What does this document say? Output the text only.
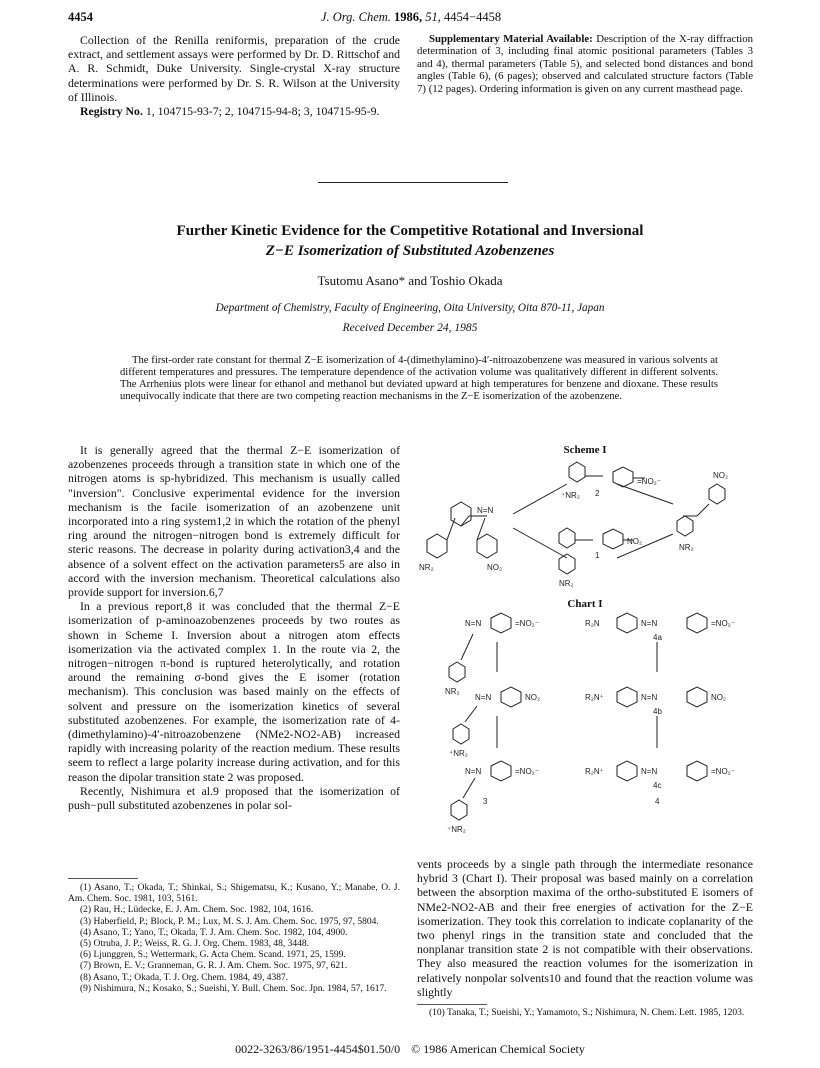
4454	J. Org. Chem. 1986, 51, 4454−4458

Collection of the Renilla reniformis, preparation of the crude extract, and settlement assays were performed by Dr. D. Rittschof and A. R. Schmidt, Duke University. Single-crystal X-ray structure determinations were performed by Dr. S. R. Wilson at the University of Illinois.

Registry No. 1, 104715-93-7; 2, 104715-94-8; 3, 104715-95-9.

Supplementary Material Available: Description of the X-ray diffraction determination of 3, including final atomic positional parameters (Tables 3 and 4), thermal parameters (Table 5), and selected bond distances and bond angles (Table 6), (6 pages); observed and calculated structure factors (Table 7) (12 pages). Ordering information is given on any current masthead page.

Further Kinetic Evidence for the Competitive Rotational and Inversional
Z−E Isomerization of Substituted Azobenzenes
Tsutomu Asano* and Toshio Okada
Department of Chemistry, Faculty of Engineering, Oita University, Oita 870-11, Japan
Received December 24, 1985

The first-order rate constant for thermal Z−E isomerization of 4-(dimethylamino)-4′-nitroazobenzene was measured in various solvents at different temperatures and pressures. The temperature dependence of the activation volume was qualitatively different in different solvents. The Arrhenius plots were linear for ethanol and methanol but deviated upward at high temperatures for benzene and dioxane. These results unequivocally indicate that there are two competing reaction mechanisms in the Z−E isomerization of the azobenzene.

It is generally agreed that the thermal Z−E isomerization of azobenzenes proceeds through a transition state in which one of the nitrogen atoms is sp-hybridized. This mechanism is usually called "inversion". Conclusive experimental evidence for the inversion mechanism is the facile isomerization of an azobenzene unit incorporated into a ring system1,2 in which the rotation of the phenyl ring around the nitrogen−nitrogen bond is extremely difficult for steric reasons. The decrease in polarity during activation3,4 and the absence of a solvent effect on the activation parameters5 are also in accord with the inversion mechanism. Theoretical calculations also provide support for inversion.6,7

In a previous report,8 it was concluded that the thermal Z−E isomerization of p-aminoazobenzenes proceeds by two routes as shown in Scheme I. Inversion about a nitrogen atom effects isomerization via the activated complex 1. In the route via 2, the nitrogen−nitrogen π-bond is ruptured heterolytically, and rotation around the remaining σ-bond gives the E isomer (rotation mechanism). This conclusion was based mainly on the effects of solvent and pressure on the isomerization kinetics of several substituted azobenzenes. For example, the isomerization rate of 4-(dimethylamino)-4′-nitroazobenzene (NMe2-NO2-AB) increased rapidly with increasing polarity of the reaction medium. These results seem to reflect a large polarity increase during activation, and for this reason the dipolar transition state 2 was proposed.

Recently, Nishimura et al.9 proposed that the isomerization of push−pull substituted azobenzenes in polar sol-

(1) Asano, T.; Okada, T.; Shinkai, S.; Shigematsu, K.; Kusano, Y.; Manabe, O. J. Am. Chem. Soc. 1981, 103, 5161.

(2) Rau, H.; Lüdecke, E. J. Am. Chem. Soc. 1982, 104, 1616.

(3) Haberfield, P.; Block, P. M.; Lux, M. S. J. Am. Chem. Soc. 1975, 97, 5804.

(4) Asano, T.; Yano, T.; Okada, T. J. Am. Chem. Soc. 1982, 104, 4900.

(5) Otruba, J. P.; Weiss, R. G. J. Org. Chem. 1983, 48, 3448.

(6) Ljunggren, S.; Wettermark, G. Acta Chem. Scand. 1971, 25, 1599.

(7) Brown, E. V.; Granneman, G. R. J. Am. Chem. Soc. 1975, 97, 621.

(8) Asano, T.; Okada, T. J. Org. Chem. 1984, 49, 4387.

(9) Nishimura, N.; Kosako, S.; Sueishi, Y. Bull. Chem. Soc. Jpn. 1984, 57, 1617.

Scheme I
N=N
NR₂	NO₂
2
=NO₂⁻
⁺NR₂
1
NO₂
NR₂
NO₂
NR₂
Chart I
N=N	=NO₂⁻
NR₂
N=N	NO₂
⁺NR₂
N=N	=NO₂⁻
⁺NR₂
3
R₂N	N=N	=NO₂⁻
4a
R₂N⁺	N=N	NO₂
4b
R₂N⁺	N=N	=NO₂⁻
4c
4

vents proceeds by a single path through the intermediate resonance hybrid 3 (Chart I). Their proposal was based mainly on a correlation between the absorption maxima of the ortho-substituted E isomers of NMe2-NO2-AB and their free energies of activation for the Z−E isomerization. They took this correlation to indicate coplanarity of the two phenyl rings in the transition state and concluded that the nonplanar transition state 2 is not compatible with their observations. They also measured the reaction volumes for the isomerization in relatively nonpolar solvents10 and found that the reaction volume was slightly

(10) Tanaka, T.; Sueishi, Y.; Yamamoto, S.; Nishimura, N. Chem. Lett. 1985, 1203.

0022-3263/86/1951-4454$01.50/0 © 1986 American Chemical Society
